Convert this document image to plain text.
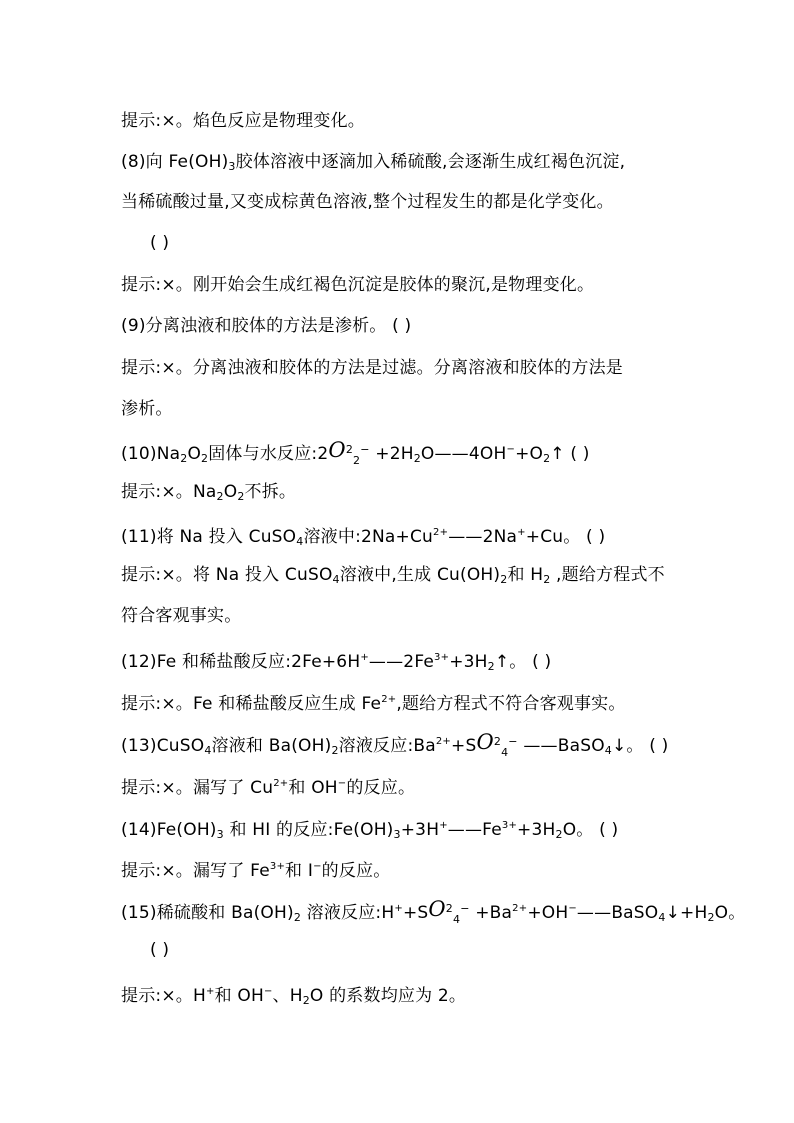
提示:×。焰色反应是物理变化。
(8)向 $Fe(OH)_3$胶体溶液中逐滴加入稀硫酸,会逐渐生成红褐色沉淀,
当稀硫酸过量,又变成棕黄色溶液,整个过程发生的都是化学变化。
( )
提示:×。刚开始会生成红褐色沉淀是胶体的聚沉,是物理变化。
(9)分离浊液和胶体的方法是渗析。 ( )
提示:×。分离浊液和胶体的方法是过滤。分离溶液和胶体的方法是
渗析。
$(10)Na_2O_2$固体与水反应$:2O^2_2^-$ $+2H_2O——4OH^-+O_2↑$ ( )
提示:×。$Na_2O_2$不拆。
(11)将 Na 投入 CuSO$_4$溶液中$:2Na+Cu^{2+}——2Na^++Cu$。 ( )
提示:×。将 Na 投入 CuSO$_4$溶液中,生成 $Cu(OH)_2$和 $H_2$ ,题给方程式不
符合客观事实。
(12)Fe 和稀盐酸反应$:2Fe+6H^+——2Fe^{3+}+3H_2↑$。 ( )
提示:×。Fe 和稀盐酸反应生成 $Fe^{2+}$,题给方程式不符合客观事实。
(13)CuSO$_4$溶液和 $Ba(OH)_2$溶液反应$:Ba^{2+}+SO^2_4^-$ ——BaSO$_4$↓。 ( )
提示:×。漏写了 $Cu^{2+}$和 OH−的反应。
$(14)Fe(OH)_3$ 和 HI 的反应$:Fe(OH)_3+3H^+——Fe^{3+}+3H_2O$。 ( )
提示:×。漏写了 $Fe^{3+}$和 I−的反应。
(15)稀硫酸和 $Ba(OH)_2$ 溶液反应$:H^++SO^2_4^-$ $+Ba^{2+}+OH^-——BaSO_4↓+H_2O$。
( )
提示:×。H+和 OH−、$H_2O$ 的系数均应为 2。
